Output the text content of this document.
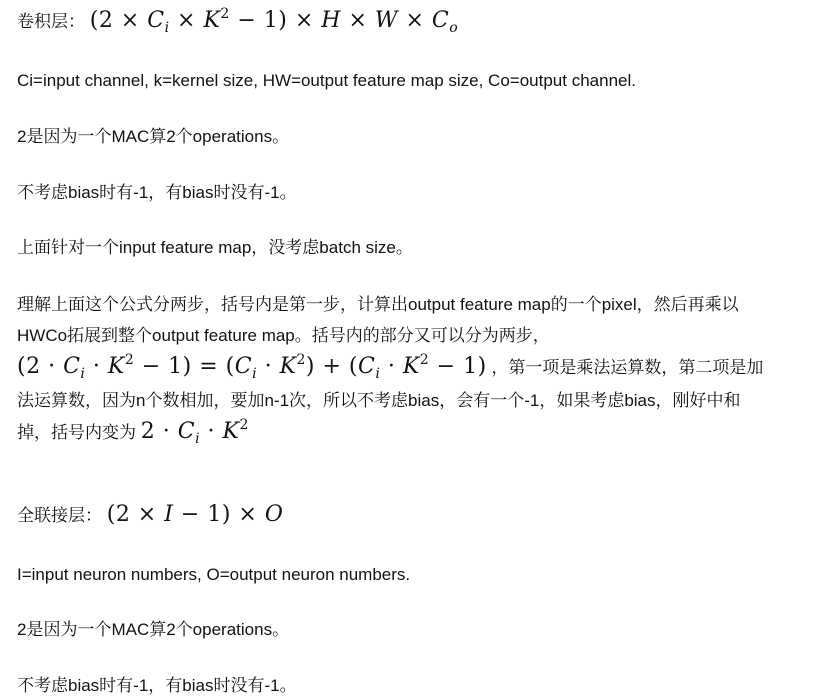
卷积层： $(2 \times C_i \times K^2 - 1) \times H \times W \times C_o$
Ci=input channel, k=kernel size, HW=output feature map size, Co=output channel.
2是因为一个MAC算2个operations。
不考虑bias时有-1，有bias时没有-1。
上面针对一个input feature map，没考虑batch size。
理解上面这个公式分两步，括号内是第一步，计算出output feature map的一个pixel，然后再乘以
HWCo拓展到整个output feature map。括号内的部分又可以分为两步，
$(2 \cdot C_i \cdot K^2 - 1) = (C_i \cdot K^2) + (C_i \cdot K^2 - 1)$ ，第一项是乘法运算数，第二项是加
法运算数，因为n个数相加，要加n-1次，所以不考虑bias，会有一个-1，如果考虑bias，刚好中和
掉，括号内变为 $2 \cdot C_i \cdot K^2$
全联接层： (2 × I − 1) × O
I=input neuron numbers, O=output neuron numbers.
2是因为一个MAC算2个operations。
不考虑bias时有-1，有bias时没有-1。
